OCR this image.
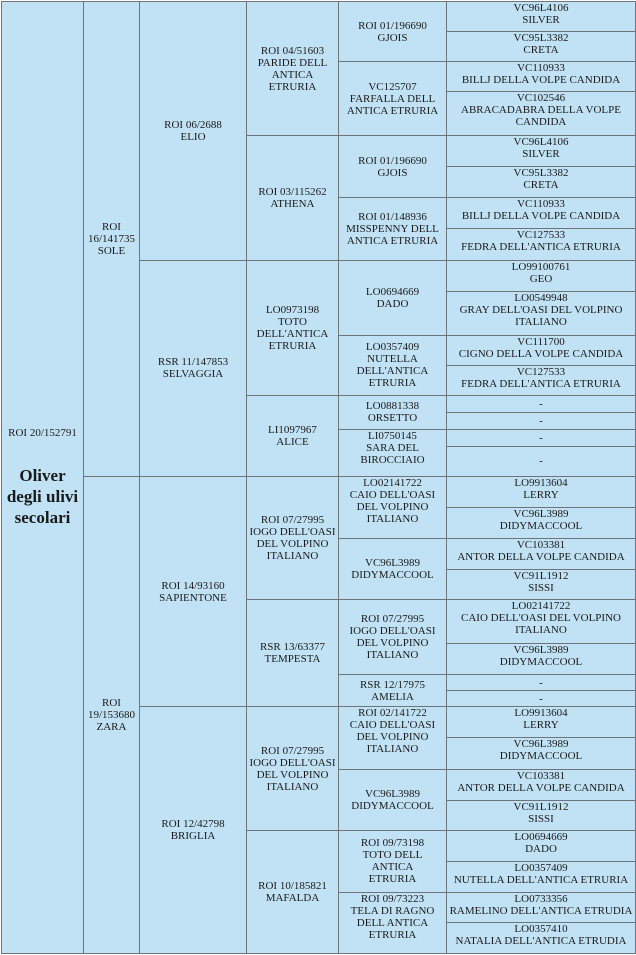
ROI 20/152791
Oliver
degli ulivi
secolari	ROI
16/141735
SOLE	ROI 06/2688
ELIO	ROI 04/51603
PARIDE DELL
ANTICA
ETRURIA	ROI 01/196690
GJOIS	VC96L4106
SILVER

					VC95L3382
CRETA

				VC125707
FARFALLA DELL
ANTICA ETRURIA	VC110933
BILLJ DELLA VOLPE CANDIDA

					VC102546
ABRACADABRA DELLA VOLPE
CANDIDA

			ROI 03/115262
ATHENA	ROI 01/196690
GJOIS	VC96L4106
SILVER

					VC95L3382
CRETA

				ROI 01/148936
MISSPENNY DELL
ANTICA ETRURIA	VC110933
BILLJ DELLA VOLPE CANDIDA

					VC127533
FEDRA DELL'ANTICA ETRURIA

		RSR 11/147853
SELVAGGIA	LO0973198
TOTO
DELL'ANTICA
ETRURIA	LO0694669
DADO	LO99100761
GEO

					LO0549948
GRAY DELL'OASI DEL VOLPINO
ITALIANO

				LO0357409
NUTELLA
DELL'ANTICA
ETRURIA	VC111700
CIGNO DELLA VOLPE CANDIDA

					VC127533
FEDRA DELL'ANTICA ETRURIA

			LI1097967
ALICE	LO0881338
ORSETTO	-

					-

				LI0750145
SARA DEL
BIROCCIAIO	-

					-

	ROI
19/153680
ZARA	ROI 14/93160
SAPIENTONE	ROI 07/27995
IOGO DELL'OASI
DEL VOLPINO
ITALIANO	LO02141722
CAIO DELL'OASI
DEL VOLPINO
ITALIANO	LO9913604
LERRY

					VC96L3989
DIDYMACCOOL

				VC96L3989
DIDYMACCOOL	VC103381
ANTOR DELLA VOLPE CANDIDA

					VC91L1912
SISSI

			RSR 13/63377
TEMPESTA	ROI 07/27995
IOGO DELL'OASI
DEL VOLPINO
ITALIANO	LO02141722
CAIO DELL'OASI DEL VOLPINO
ITALIANO

					VC96L3989
DIDYMACCOOL

				RSR 12/17975
AMELIA	-

					-

		ROI 12/42798
BRIGLIA	ROI 07/27995
IOGO DELL'OASI
DEL VOLPINO
ITALIANO	ROI 02/141722
CAIO DELL'OASI
DEL VOLPINO
ITALIANO	LO9913604
LERRY

					VC96L3989
DIDYMACCOOL

				VC96L3989
DIDYMACCOOL	VC103381
ANTOR DELLA VOLPE CANDIDA

					VC91L1912
SISSI

			ROI 10/185821
MAFALDA	ROI 09/73198
TOTO DELL ANTICA
ETRURIA	LO0694669
DADO

					LO0357409
NUTELLA DELL'ANTICA ETRURIA

				ROI 09/73223
TELA DI RAGNO
DELL ANTICA
ETRURIA	LO0733356
RAMELINO DELL'ANTICA ETRUDIA

					LO0357410
NATALIA DELL'ANTICA ETRUDIA
